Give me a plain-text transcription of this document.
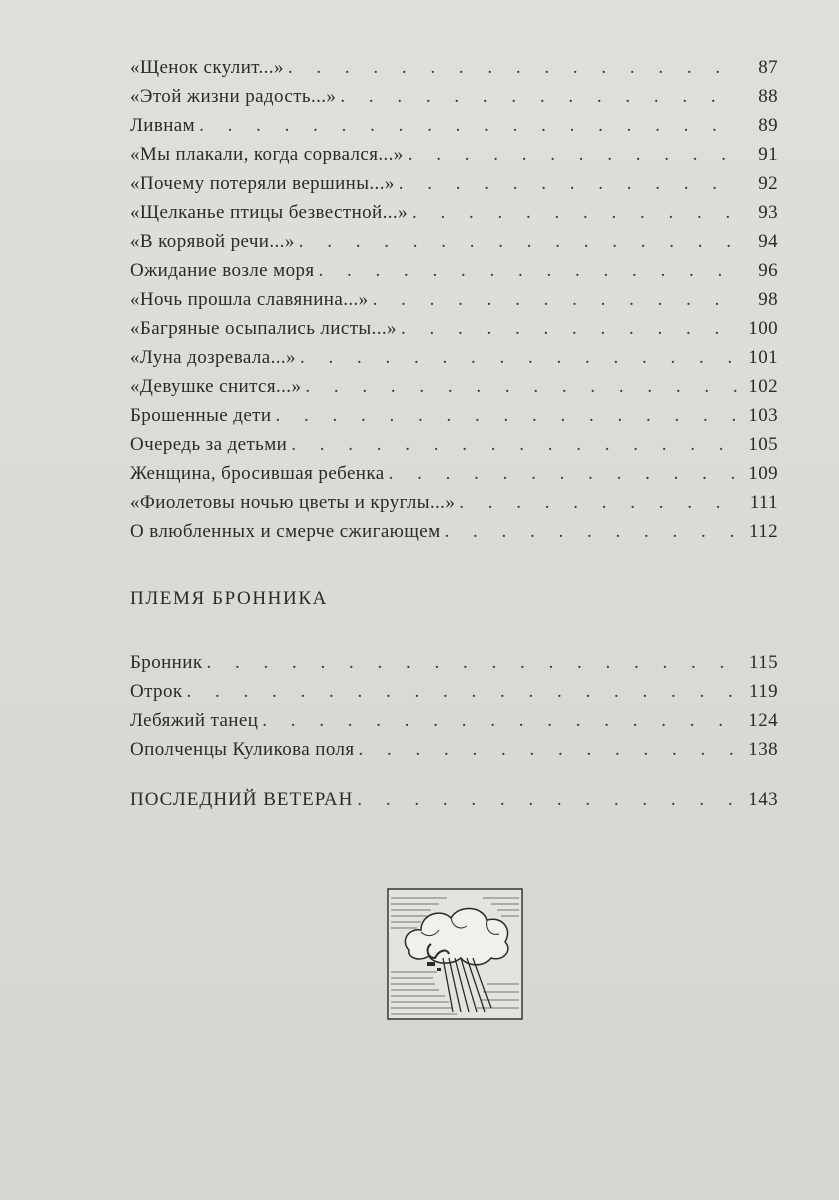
«Щенок скулит...» . . .	87
«Этой жизни радость...» . . .	88
Ливнам . . .	89
«Мы плакали, когда сорвался...» . . .	91
«Почему потеряли вершины...» . . .	92
«Щелканье птицы безвестной...» . . .	93
«В корявой речи...» . . .	94
Ожидание возле моря . . .	96
«Ночь прошла славянина...» . . .	98
«Багряные осыпались листы...» . . .	100
«Луна дозревала...» . . .	101
«Девушке снится...» . . .	102
Брошенные дети . . .	103
Очередь за детьми . . .	105
Женщина, бросившая ребенка . . .	109
«Фиолетовы ночью цветы и круглы...» . . .	111
О влюбленных и смерче сжигающем . . .	112
ПЛЕМЯ БРОННИКА
Бронник . . .	115
Отрок . . .	119
Лебяжий танец . . .	124
Ополченцы Куликова поля . . .	138
ПОСЛЕДНИЙ ВЕТЕРАН . . .	143
